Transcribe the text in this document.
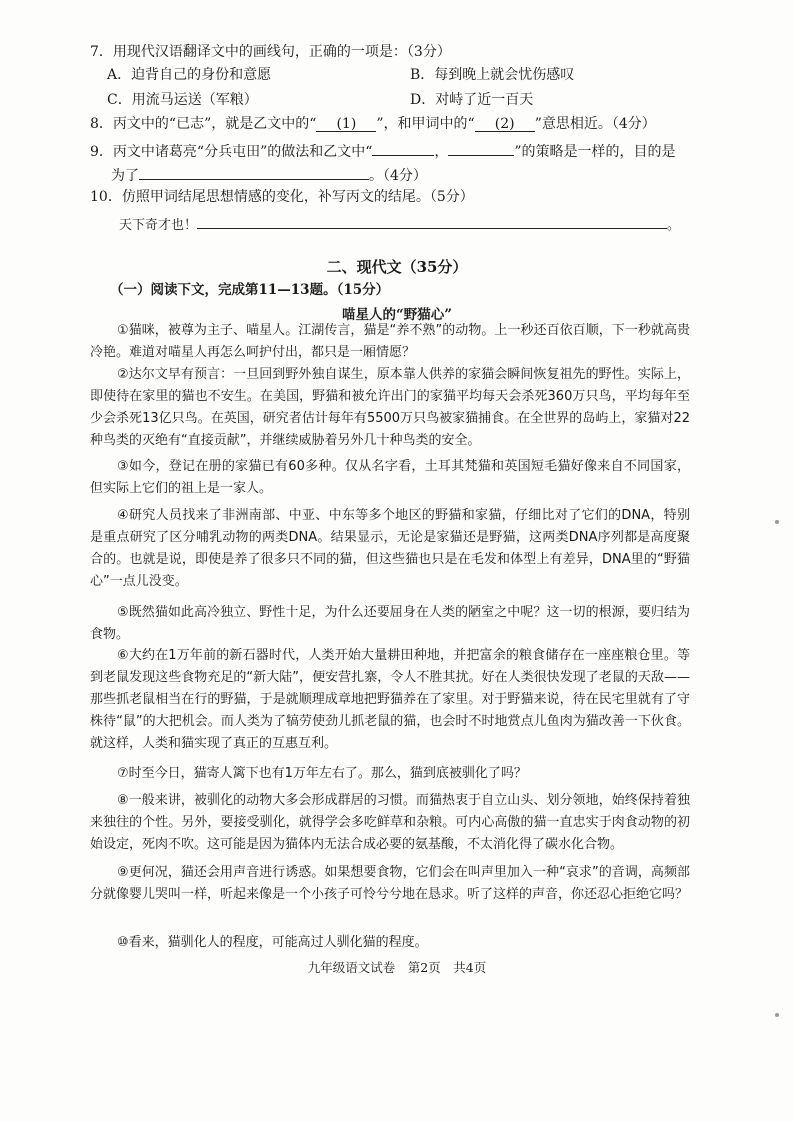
7．用现代汉语翻译文中的画线句，正确的一项是：（3分）
A．迫背自己的身份和意愿	B．每到晚上就会忧伤感叹
C．用流马运送（军粮）	D．对峙了近一百天
8．丙文中的“已志”，就是乙文中的“ (1) ”，和甲词中的“ (2) ”意思相近。（4分）
9．丙文中诸葛亮“分兵屯田”的做法和乙文中“	，	”的策略是一样的，目的是
为了	。（4分）
10．仿照甲词结尾思想情感的变化，补写丙文的结尾。（5分）
天下奇才也！	。
二、现代文（35分）
（一）阅读下文，完成第11—13题。（15分）
喵星人的“野猫心”
①猫咪，被尊为主子、喵星人。江湖传言，猫是“养不熟”的动物。上一秒还百依百顺，下一秒就高贵冷艳。难道对喵星人再怎么呵护付出，都只是一厢情愿？
②达尔文早有预言：一旦回到野外独自谋生，原本靠人供养的家猫会瞬间恢复祖先的野性。实际上，即使待在家里的猫也不安生。在美国，野猫和被允许出门的家猫平均每天会杀死360万只鸟，平均每年至少会杀死13亿只鸟。在英国，研究者估计每年有5500万只鸟被家猫捕食。在全世界的岛屿上，家猫对22种鸟类的灭绝有“直接贡献”，并继续威胁着另外几十种鸟类的安全。
③如今，登记在册的家猫已有60多种。仅从名字看，土耳其梵猫和英国短毛猫好像来自不同国家，但实际上它们的祖上是一家人。
④研究人员找来了非洲南部、中亚、中东等多个地区的野猫和家猫，仔细比对了它们的DNA，特别是重点研究了区分哺乳动物的两类DNA。结果显示，无论是家猫还是野猫，这两类DNA序列都是高度聚合的。也就是说，即使是养了很多只不同的猫，但这些猫也只是在毛发和体型上有差异，DNA里的“野猫心”一点儿没变。
⑤既然猫如此高冷独立、野性十足，为什么还要屈身在人类的陋室之中呢？这一切的根源，要归结为食物。
⑥大约在1万年前的新石器时代，人类开始大量耕田种地，并把富余的粮食储存在一座座粮仓里。等到老鼠发现这些食物充足的“新大陆”，便安营扎寨，令人不胜其扰。好在人类很快发现了老鼠的天敌——那些抓老鼠相当在行的野猫，于是就顺理成章地把野猫养在了家里。对于野猫来说，待在民宅里就有了守株待“鼠”的大把机会。而人类为了犒劳使劲儿抓老鼠的猫，也会时不时地赏点儿鱼肉为猫改善一下伙食。就这样，人类和猫实现了真正的互惠互利。
⑦时至今日，猫寄人篱下也有1万年左右了。那么，猫到底被驯化了吗？
⑧一般来讲，被驯化的动物大多会形成群居的习惯。而猫热衷于自立山头、划分领地，始终保持着独来独往的个性。另外，要接受驯化，就得学会多吃鲜草和杂粮。可内心高傲的猫一直忠实于肉食动物的初始设定，死肉不吹。这可能是因为猫体内无法合成必要的氨基酸，不太消化得了碳水化合物。
⑨更何况，猫还会用声音进行诱惑。如果想要食物，它们会在叫声里加入一种“哀求”的音调，高频部分就像婴儿哭叫一样，听起来像是一个小孩子可怜兮兮地在恳求。听了这样的声音，你还忍心拒绝它吗？
⑩看来，猫驯化人的程度，可能高过人驯化猫的程度。
九年级语文试卷　第2页　共4页
